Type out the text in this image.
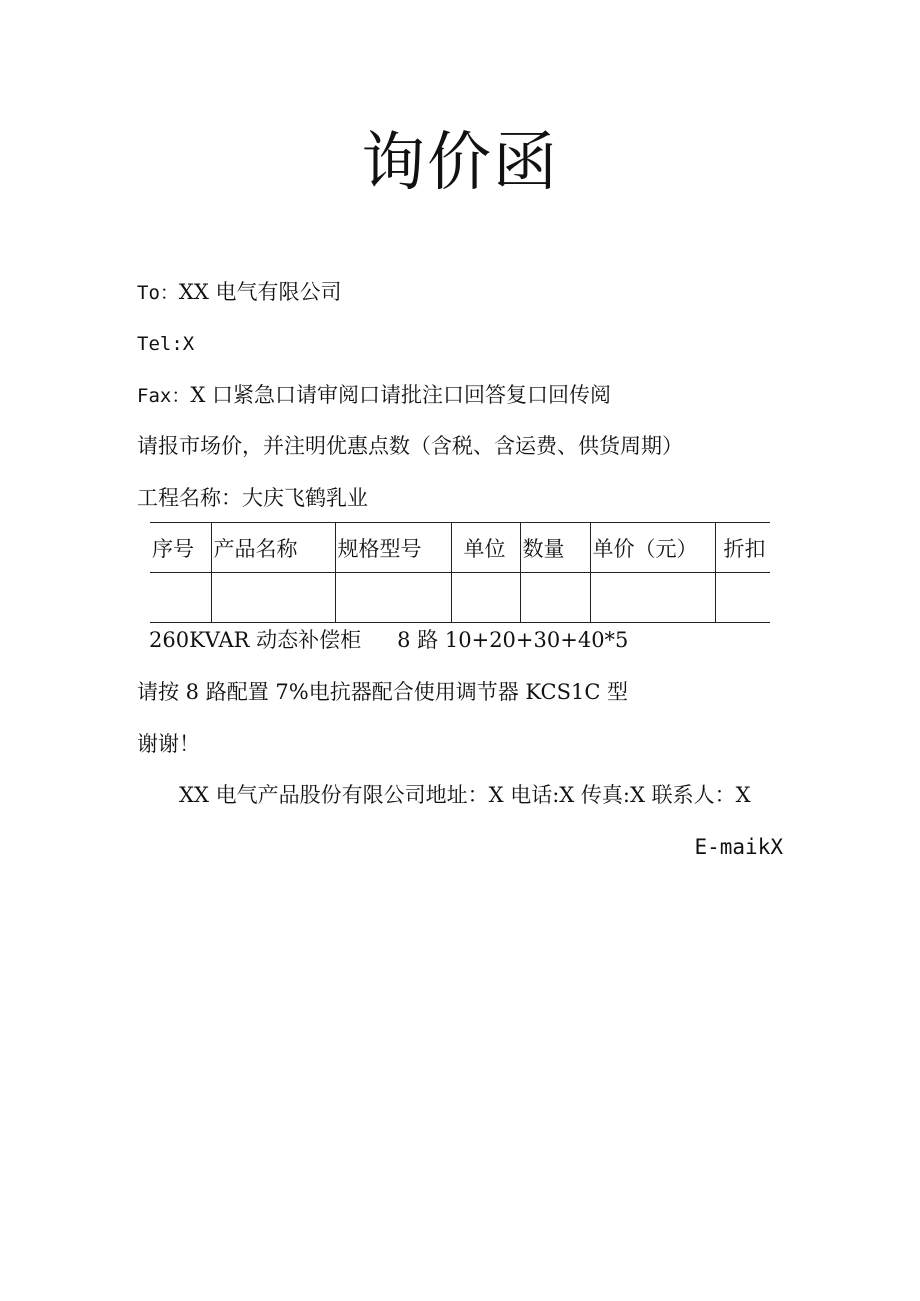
询价函
To：XX 电气有限公司
Tel:X
Fax：X 口紧急口请审阅口请批注口回答复口回传阅
请报市场价，并注明优惠点数（含税、含运费、供货周期）
工程名称：大庆飞鹤乳业
序号	产品名称	规格型号	单位	数量	单价（元）	折扣

260KVAR 动态补偿柜 8 路 10+20+30+40*5
请按 8 路配置 7%电抗器配合使用调节器 KCS1C 型
谢谢！
XX 电气产品股份有限公司地址：X 电话:X 传真:X 联系人：X
E-maikX
